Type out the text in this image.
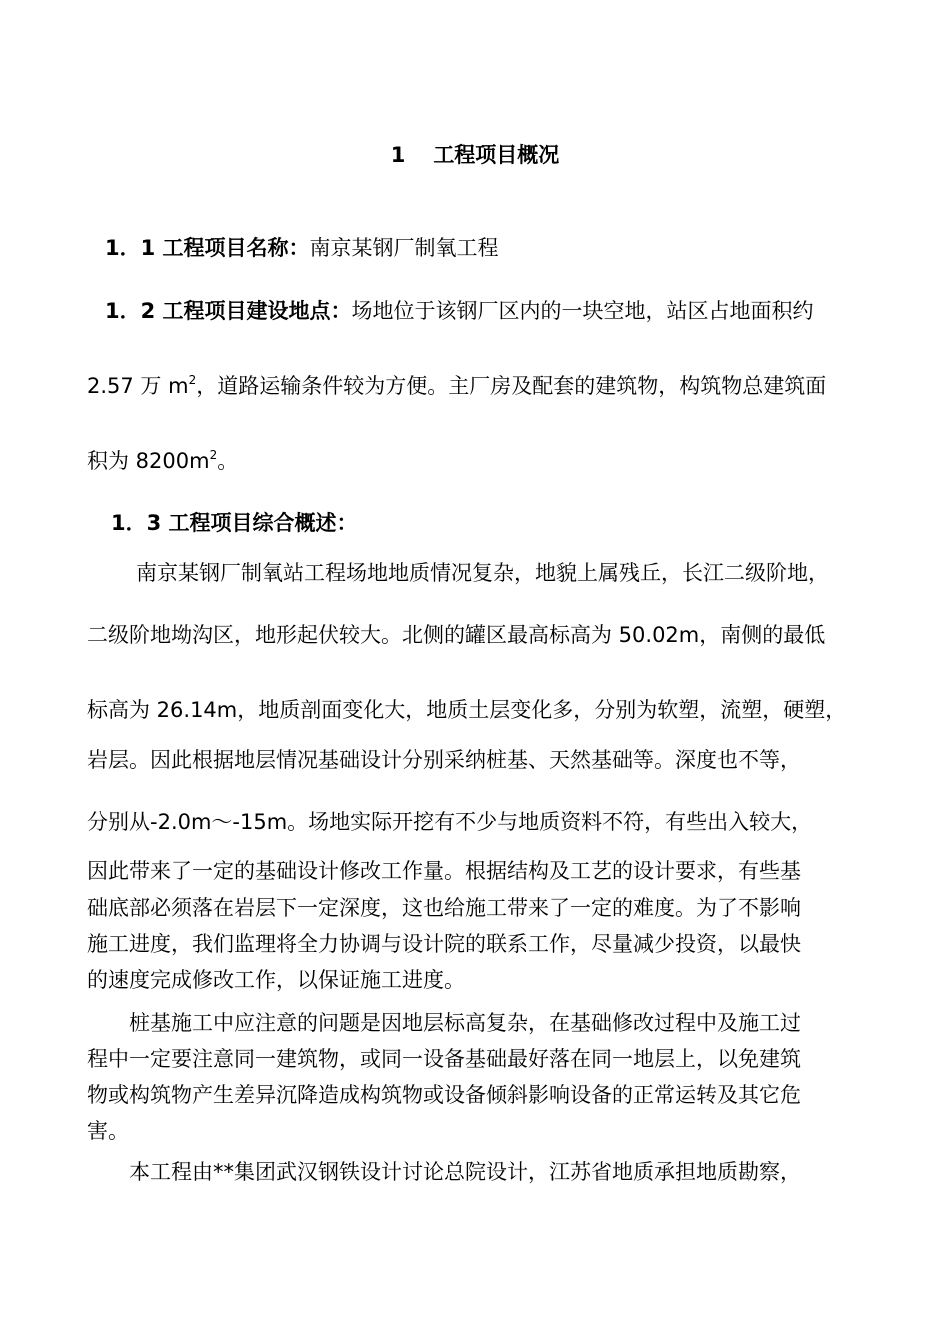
1 工程项目概况
1．1 工程项目名称：南京某钢厂制氧工程
1．2 工程项目建设地点：场地位于该钢厂区内的一块空地，站区占地面积约
2.57 万 $m^2$，道路运输条件较为方便。主厂房及配套的建筑物，构筑物总建筑面
积为 $8200m^2$。
1．3 工程项目综合概述：
南京某钢厂制氧站工程场地地质情况复杂，地貌上属残丘，长江二级阶地，
二级阶地坳沟区，地形起伏较大。北侧的罐区最高标高为 50.02m，南侧的最低
标高为 26.14m，地质剖面变化大，地质土层变化多，分别为软塑，流塑，硬塑，
岩层。因此根据地层情况基础设计分别采纳桩基、天然基础等。深度也不等，
分别从-2.0m～-15m。场地实际开挖有不少与地质资料不符，有些出入较大，
因此带来了一定的基础设计修改工作量。根据结构及工艺的设计要求，有些基
础底部必须落在岩层下一定深度，这也给施工带来了一定的难度。为了不影响
施工进度，我们监理将全力协调与设计院的联系工作，尽量减少投资，以最快
的速度完成修改工作，以保证施工进度。
桩基施工中应注意的问题是因地层标高复杂，在基础修改过程中及施工过
程中一定要注意同一建筑物，或同一设备基础最好落在同一地层上，以免建筑
物或构筑物产生差异沉降造成构筑物或设备倾斜影响设备的正常运转及其它危
害。
本工程由**集团武汉钢铁设计讨论总院设计，江苏省地质承担地质勘察，
